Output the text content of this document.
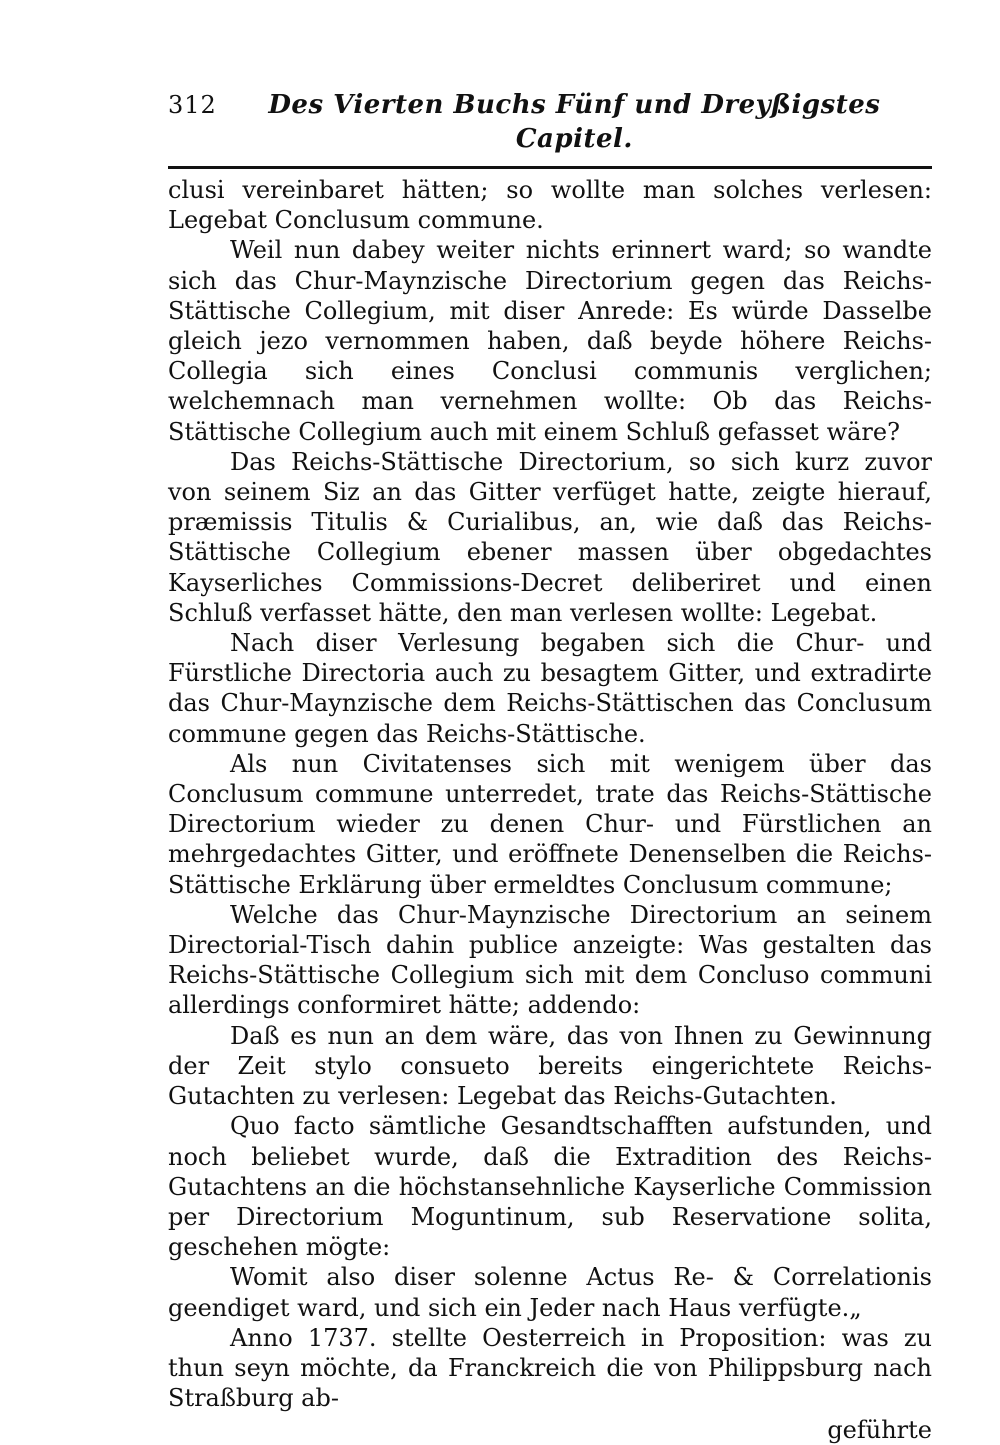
312	Des Vierten Buchs Fünf und Dreyßigstes Capitel.

clusi vereinbaret hätten; so wollte man solches verlesen: Legebat Conclusum commune.

Weil nun dabey weiter nichts erinnert ward; so wandte sich das Chur-Maynzische Directorium gegen das Reichs-Stättische Collegium, mit diser Anrede: Es würde Dasselbe gleich jezo vernommen haben, daß beyde höhere Reichs-Collegia sich eines Conclusi communis verglichen; welchemnach man vernehmen wollte: Ob das Reichs-Stättische Collegium auch mit einem Schluß gefasset wäre?

Das Reichs-Stättische Directorium, so sich kurz zuvor von seinem Siz an das Gitter verfüget hatte, zeigte hierauf, præmissis Titulis & Curialibus, an, wie daß das Reichs-Stättische Collegium ebener massen über obgedachtes Kayserliches Commissions-Decret deliberiret und einen Schluß verfasset hätte, den man verlesen wollte: Legebat.

Nach diser Verlesung begaben sich die Chur- und Fürstliche Directoria auch zu besagtem Gitter, und extradirte das Chur-Maynzische dem Reichs-Stättischen das Conclusum commune gegen das Reichs-Stättische.

Als nun Civitatenses sich mit wenigem über das Conclusum commune unterredet, trate das Reichs-Stättische Directorium wieder zu denen Chur- und Fürstlichen an mehrgedachtes Gitter, und eröffnete Denenselben die Reichs-Stättische Erklärung über ermeldtes Conclusum commune;

Welche das Chur-Maynzische Directorium an seinem Directorial-Tisch dahin publice anzeigte: Was gestalten das Reichs-Stättische Collegium sich mit dem Concluso communi allerdings conformiret hätte; addendo:

Daß es nun an dem wäre, das von Ihnen zu Gewinnung der Zeit stylo consueto bereits eingerichtete Reichs-Gutachten zu verlesen: Legebat das Reichs-Gutachten.

Quo facto sämtliche Gesandtschafften aufstunden, und noch beliebet wurde, daß die Extradition des Reichs-Gutachtens an die höchstansehnliche Kayserliche Commission per Directorium Moguntinum, sub Reservatione solita, geschehen mögte:

Womit also diser solenne Actus Re- & Correlationis geendiget ward, und sich ein Jeder nach Haus verfügte.„

Anno 1737. stellte Oesterreich in Proposition: was zu thun seyn möchte, da Franckreich die von Philippsburg nach Straßburg ab-

geführte
